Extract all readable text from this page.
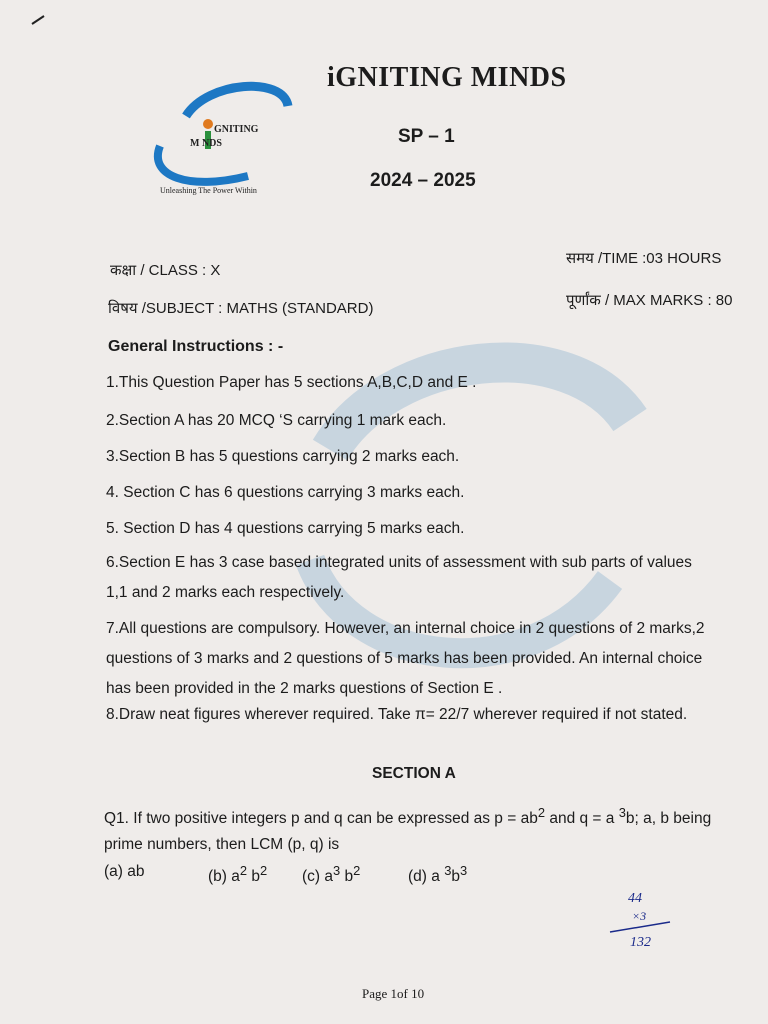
GNITING
M NDS
Unleashing The Power Within
iGNITING MINDS
SP – 1
2024 – 2025
कक्षा / CLASS : X
समय /TIME :03 HOURS
विषय /SUBJECT : MATHS (STANDARD)	पूर्णांक / MAX MARKS : 80
General Instructions : -
1.This Question Paper has 5 sections A,B,C,D and E .
2.Section A has 20 MCQ ‘S carrying 1 mark each.
3.Section B has 5 questions carrying 2 marks each.
4. Section C has 6 questions carrying 3 marks each.
5. Section D has 4 questions carrying 5 marks each.
6.Section E has 3 case based integrated units of assessment with sub parts of values 1,1 and 2 marks each respectively.
7.All questions are compulsory. However, an internal choice in 2 questions of 2 marks,2 questions of 3 marks and 2 questions of 5 marks has been provided. An internal choice has been provided in the 2 marks questions of Section E .
8.Draw neat figures wherever required. Take π= 22/7 wherever required if not stated.
SECTION A
Q1. If two positive integers p and q can be expressed as $p = ab^2$ and q = a $^3$b; a, b being prime numbers, then LCM (p, q) is
(a) ab	(b) $a^2$ $b^2$ (c) $a^3$ $b^2$	(d) a $^3b^3$
44
×3
132
Page 1of 10
